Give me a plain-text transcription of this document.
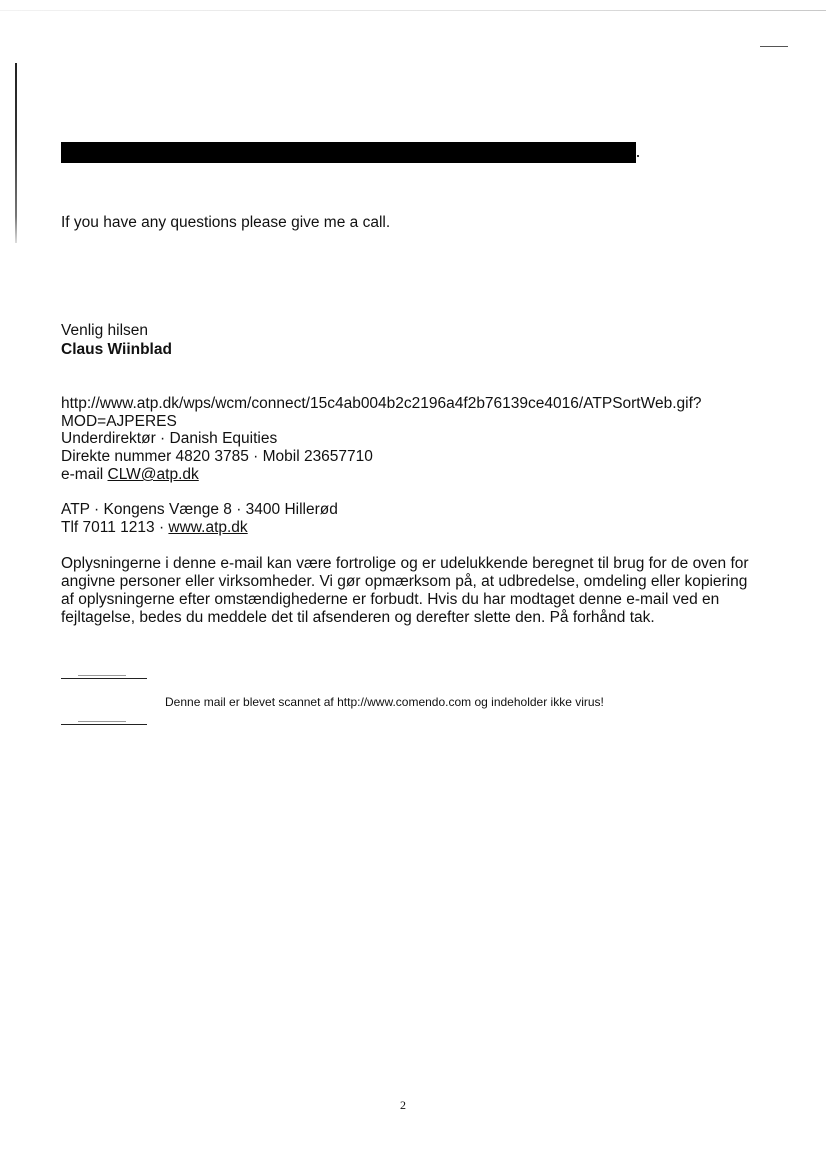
If you have any questions please give me a call.
Venlig hilsen
Claus Wiinblad
http://www.atp.dk/wps/wcm/connect/15c4ab004b2c2196a4f2b76139ce4016/ATPSortWeb.gif?
MOD=AJPERES
Underdirektør · Danish Equities
Direkte nummer 4820 3785 · Mobil 23657710
e-mail CLW@atp.dk
ATP · Kongens Vænge 8 · 3400 Hillerød
Tlf 7011 1213 · www.atp.dk
Oplysningerne i denne e-mail kan være fortrolige og er udelukkende beregnet til brug for de oven for angivne personer eller virksomheder. Vi gør opmærksom på, at udbredelse, omdeling eller kopiering af oplysningerne efter omstændighederne er forbudt. Hvis du har modtaget denne e-mail ved en fejltagelse, bedes du meddele det til afsenderen og derefter slette den. På forhånd tak.
Denne mail er blevet scannet af http://www.comendo.com og indeholder ikke virus!
2
